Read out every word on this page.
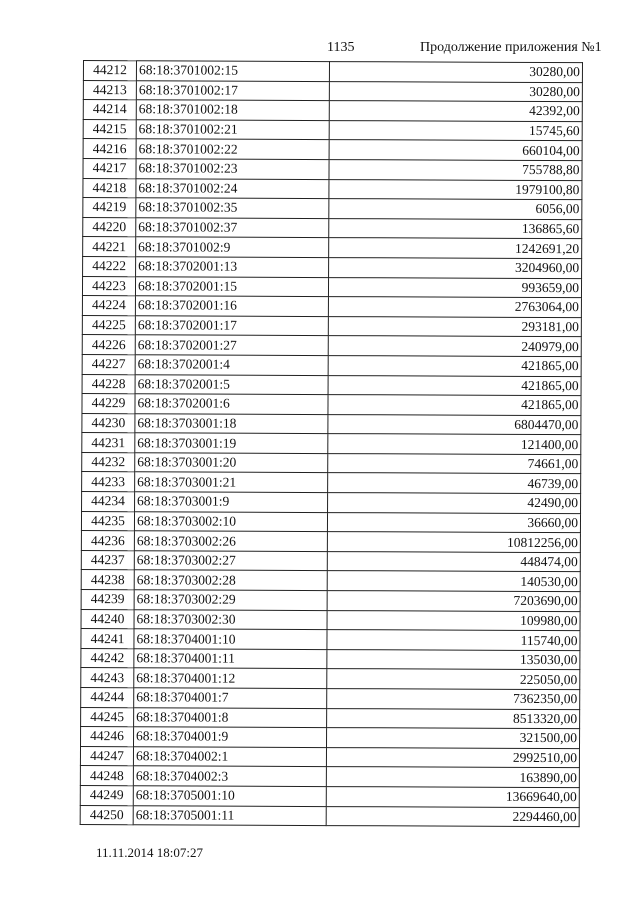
1135	Продолжение приложения №1
44212	68:18:3701002:15	30280,00
44213	68:18:3701002:17	30280,00
44214	68:18:3701002:18	42392,00
44215	68:18:3701002:21	15745,60
44216	68:18:3701002:22	660104,00
44217	68:18:3701002:23	755788,80
44218	68:18:3701002:24	1979100,80
44219	68:18:3701002:35	6056,00
44220	68:18:3701002:37	136865,60
44221	68:18:3701002:9	1242691,20
44222	68:18:3702001:13	3204960,00
44223	68:18:3702001:15	993659,00
44224	68:18:3702001:16	2763064,00
44225	68:18:3702001:17	293181,00
44226	68:18:3702001:27	240979,00
44227	68:18:3702001:4	421865,00
44228	68:18:3702001:5	421865,00
44229	68:18:3702001:6	421865,00
44230	68:18:3703001:18	6804470,00
44231	68:18:3703001:19	121400,00
44232	68:18:3703001:20	74661,00
44233	68:18:3703001:21	46739,00
44234	68:18:3703001:9	42490,00
44235	68:18:3703002:10	36660,00
44236	68:18:3703002:26	10812256,00
44237	68:18:3703002:27	448474,00
44238	68:18:3703002:28	140530,00
44239	68:18:3703002:29	7203690,00
44240	68:18:3703002:30	109980,00
44241	68:18:3704001:10	115740,00
44242	68:18:3704001:11	135030,00
44243	68:18:3704001:12	225050,00
44244	68:18:3704001:7	7362350,00
44245	68:18:3704001:8	8513320,00
44246	68:18:3704001:9	321500,00
44247	68:18:3704002:1	2992510,00
44248	68:18:3704002:3	163890,00
44249	68:18:3705001:10	13669640,00
44250	68:18:3705001:11	2294460,00
11.11.2014 18:07:27
